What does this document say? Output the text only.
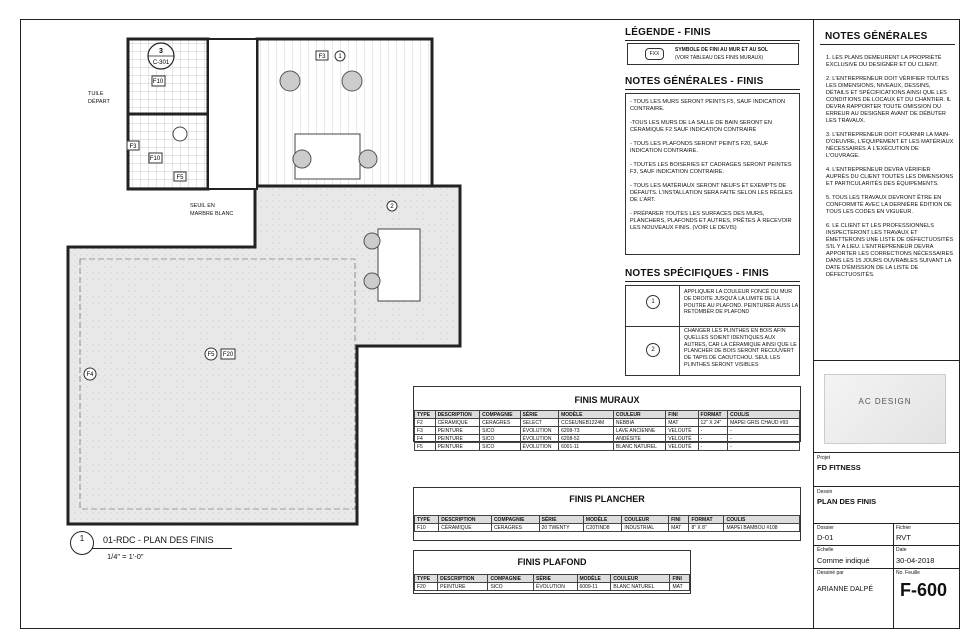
F3 1
F10
F3
F5
F10
2
F5 F20
F4
3
C-301
TUILE
DÉPART
SEUIL EN
MARBRE BLANC
1	01-RDC - PLAN DES FINIS
1/4" = 1'-0"
LÉGENDE - FINIS
FXX
SYMBOLE DE FINI AU MUR ET AU SOL
(VOIR TABLEAU DES FINIS MURAUX)
NOTES GÉNÉRALES - FINIS

- TOUS LES MURS SERONT PEINTS F5, SAUF INDICATION CONTRAIRE.

-TOUS LES MURS DE LA SALLE DE BAIN SERONT EN CÉRAMIQUE F2 SAUF INDICATION CONTRAIRE

- TOUS LES PLAFONDS SERONT PEINTS F20, SAUF INDICATION CONTRAIRE.

- TOUTES LES BOISERIES ET CADRAGES SERONT PEINTES F3, SAUF INDICATION CONTRAIRE.

- TOUS LES MATÉRIAUX SERONT NEUFS ET EXEMPTS DE DÉFAUTS. L'INSTALLATION SERA FAITE SELON LES RÈGLES DE L'ART.

- PRÉPARER TOUTES LES SURFACES DES MURS, PLANCHERS, PLAFONDS ET AUTRES, PRÊTES À RECEVOIR LES NOUVEAUX FINIS. (VOIR LE DEVIS)

NOTES SPÉCIFIQUES - FINIS
1
APPLIQUER LA COULEUR FONCÉ DU MUR DE DROITE JUSQU'À LA LIMITE DE LA POUTRE AU PLAFOND. PEINTURER AUSS LA RETOMBÉR DE PLAFOND
2
CHANGER LES PLINTHES EN BOIS AFIN QUELLES SOIENT IDENTIQUES AUX AUTRES, CAR LA CÉRAMIQUE AINSI QUE LE PLANCHER DE BOIS SERONT RECOUVERT DE TAPIS DE CAOUTCHOU. SEUL LES PLINTHES SERONT VISIBLES
NOTES GÉNÉRALES

1. LES PLANS DEMEURENT LA PROPRIÉTÉ EXCLUSIVE DU DESIGNER ET DU CLIENT.

2. L'ENTREPRENEUR DOIT VÉRIFIER TOUTES LES DIMENSIONS, NIVEAUX, DESSINS, DÉTAILS ET SPÉCIFICATIONS AINSI QUE LES CONDITIONS DE LOCAUX ET DU CHANTIER. IL DEVRA RAPPORTER TOUTE OMISSION OU ERREUR AU DESIGNER AVANT DE DÉBUTER LES TRAVAUX.

3. L'ENTREPRENEUR DOIT FOURNIR LA MAIN-D'OEUVRE, L'ÉQUIPEMENT ET LES MATÉRIAUX NÉCESSAIRES À L'EXÉCUTION DE L'OUVRAGE.

4. L'ENTREPRENEUR DEVRA VÉRIFIER AUPRÈS DU CLIENT TOUTES LES DIMENSIONS ET PARTICULARITÉS DES ÉQUIPEMENTS.

5. TOUS LES TRAVAUX DEVRONT ÊTRE EN CONFORMITÉ AVEC LA DERNIÈRE ÉDITION DE TOUS LES CODES EN VIGUEUR.

6. LE CLIENT ET LES PROFESSIONNELS INSPECTERONT LES TRAVAUX ET ÉMETTERONS UNE LISTE DE DÉFECTUOSITÉS S'IL Y A LIEU. L'ENTREPRENEUR DEVRA APPORTER LES CORRECTIONS NÉCESSAIRES DANS LES 15 JOURS OUVRABLES SUIVANT LA DATE D'ÉMISSION DE LA LISTE DE DÉFECTUOSITÉS.

AC DESIGN
Projet
FD FITNESS
Dessin
PLAN DES FINIS
Dossier
D-01
Fichier
RVT
Échelle
Comme indiqué
Date
30-04-2018
Dessiné par
ARIANNE DALPÉ
No. Feuille
F-600
FINIS MURAUX
TYPE	DESCRIPTION	COMPAGNIE	SÉRIE	MODÈLE	COULEUR	FINI	FORMAT	COULIS
F2	CÉRAMIQUE	CERAGRES	SELECT	CCSEUNEB1224M	NEBBIA	MAT	12" X 24"	MAPEI GRIS CHAUD #93
F3	PEINTURE	SICO	ÉVOLUTION	6208-73	LAVE ANCIENNE	VELOUTÉ	-	-
F4	PEINTURE	SICO	ÉVOLUTION	6208-52	ANDÉSITE	VELOUTÉ	-	-
F5	PEINTURE	SICO	ÉVOLUTION	6001-11	BLANC NATUREL	VELOUTÉ	-	-
FINIS PLANCHER
TYPE	DESCRIPTION	COMPAGNIE	SÉRIE	MODÈLE	COULEUR	FINI	FORMAT	COULIS
F10	CÉRAMIQUE	CERAGRES	20 TWENTY	C20TIND8	INDUSTRIAL	MAT	8" X 8"	MAPEI BAMBOU #108
FINIS PLAFOND
TYPE	DESCRIPTION	COMPAGNIE	SÉRIE	MODÈLE	COULEUR	FINI
F20	PEINTURE	SICO	ÉVOLUTION	6009-11	BLANC NATUREL	MAT
